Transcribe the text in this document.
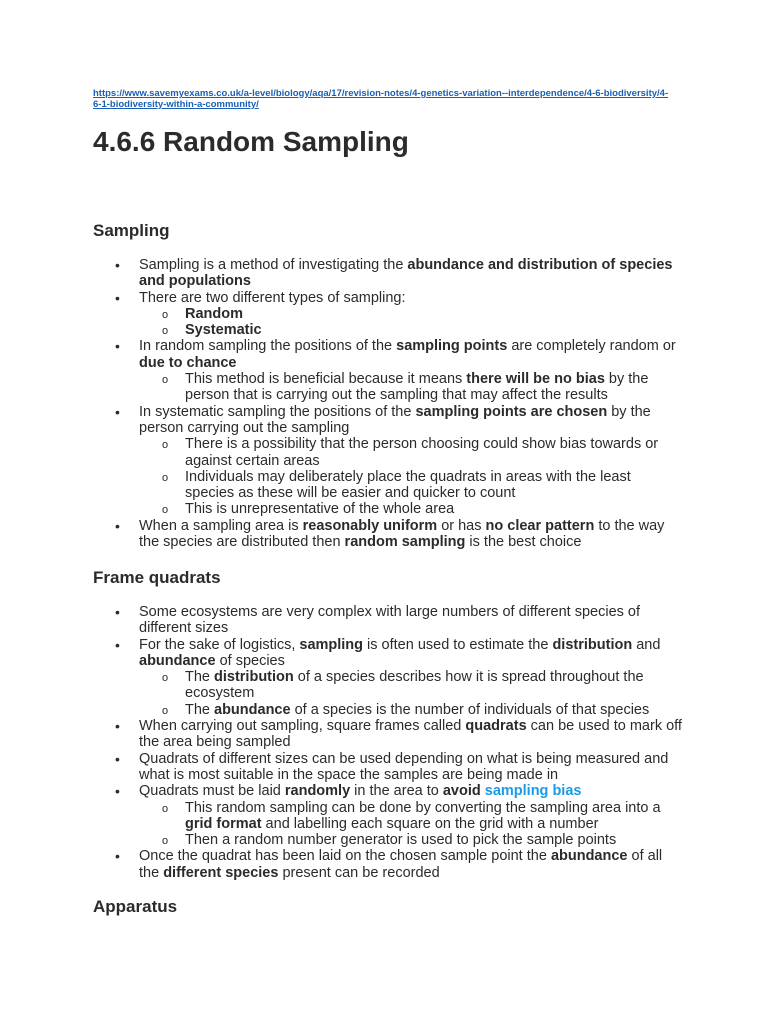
https://www.savemyexams.co.uk/a-level/biology/aqa/17/revision-notes/4-genetics-variation--interdependence/4-6-biodiversity/4-6-1-biodiversity-within-a-community/
4.6.6 Random Sampling
Sampling
• Sampling is a method of investigating the abundance and distribution of species and populations
• There are two different types of sampling:
o Random
o Systematic
• In random sampling the positions of the sampling points are completely random or due to chance
o This method is beneficial because it means there will be no bias by the person that is carrying out the sampling that may affect the results
• In systematic sampling the positions of the sampling points are chosen by the person carrying out the sampling
o There is a possibility that the person choosing could show bias towards or against certain areas
o Individuals may deliberately place the quadrats in areas with the least species as these will be easier and quicker to count
o This is unrepresentative of the whole area
• When a sampling area is reasonably uniform or has no clear pattern to the way the species are distributed then random sampling is the best choice
Frame quadrats
• Some ecosystems are very complex with large numbers of different species of different sizes
• For the sake of logistics, sampling is often used to estimate the distribution and abundance of species
o The distribution of a species describes how it is spread throughout the ecosystem
o The abundance of a species is the number of individuals of that species
• When carrying out sampling, square frames called quadrats can be used to mark off the area being sampled
• Quadrats of different sizes can be used depending on what is being measured and what is most suitable in the space the samples are being made in
• Quadrats must be laid randomly in the area to avoid sampling bias
o This random sampling can be done by converting the sampling area into a grid format and labelling each square on the grid with a number
o Then a random number generator is used to pick the sample points
• Once the quadrat has been laid on the chosen sample point the abundance of all the different species present can be recorded
Apparatus
